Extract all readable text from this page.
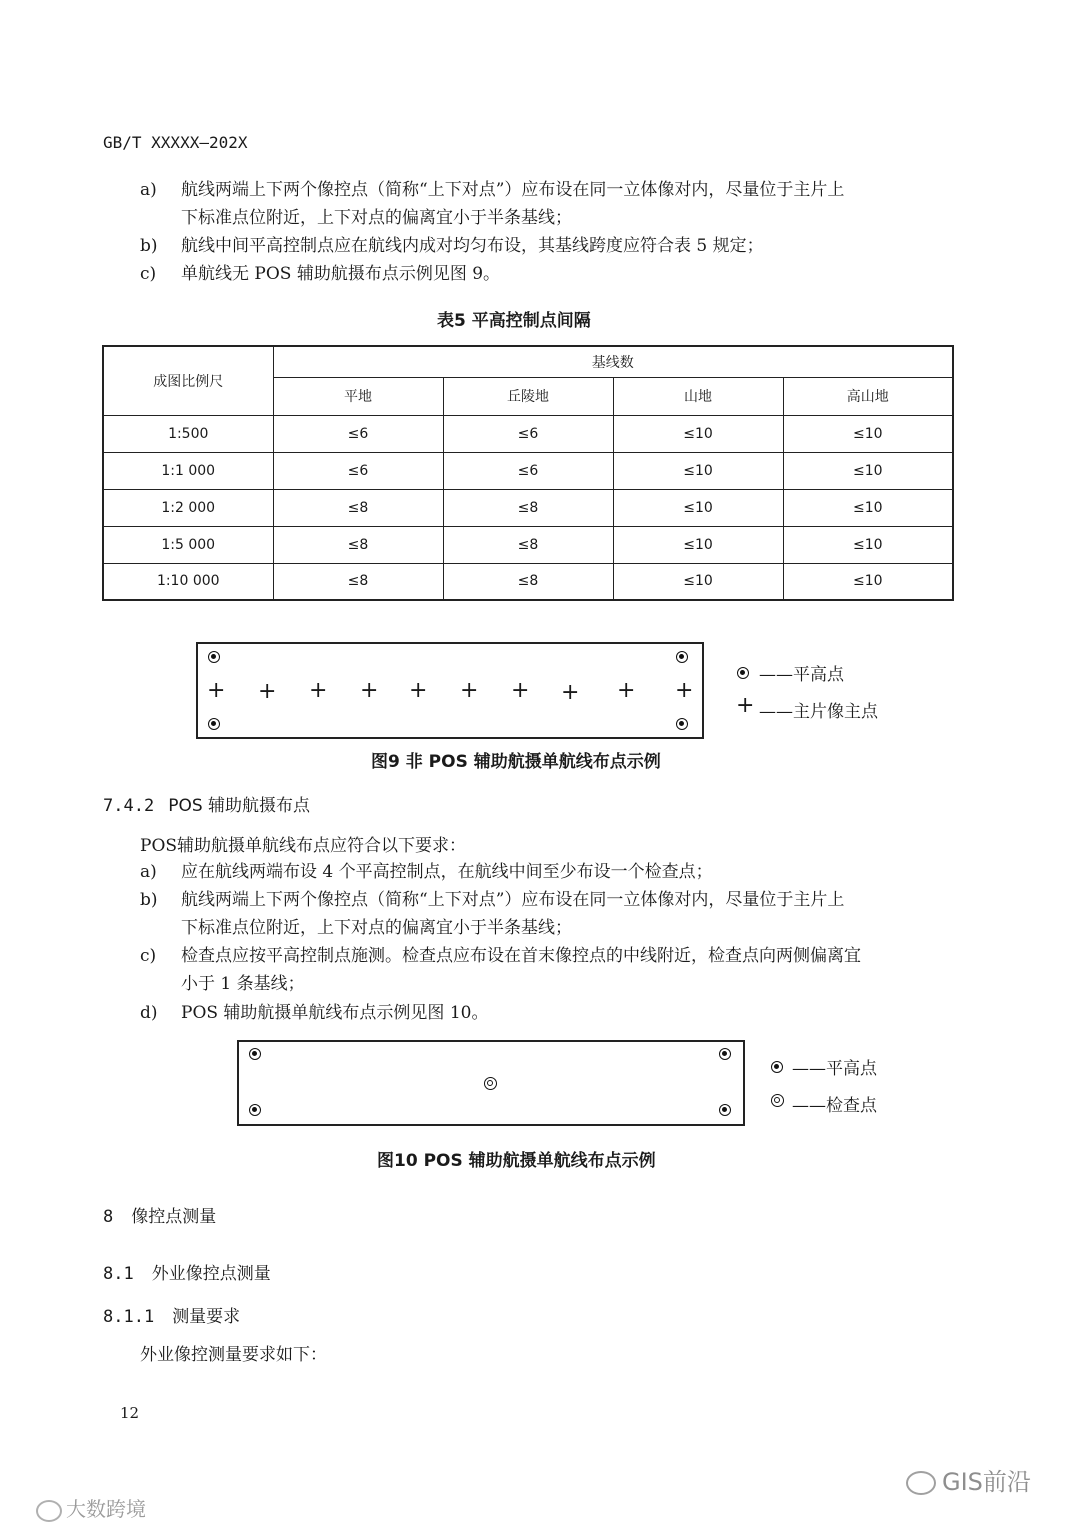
GB/T XXXXX—202X
a) 航线两端上下两个像控点（简称“上下对点”）应布设在同一立体像对内，尽量位于主片上
下标准点位附近，上下对点的偏离宜小于半条基线；
b) 航线中间平高控制点应在航线内成对均匀布设，其基线跨度应符合表 5 规定；
c) 单航线无 POS 辅助航摄布点示例见图 9。
表5 平高控制点间隔
成图比例尺	基线数			
	平地	丘陵地	山地	高山地
1:500	≤6	≤6	≤10	≤10
1:1 000	≤6	≤6	≤10	≤10
1:2 000	≤8	≤8	≤10	≤10
1:5 000	≤8	≤8	≤10	≤10
1:10 000	≤8	≤8	≤10	≤10
+ + + + + + + + + +
——平高点
+ ——主片像主点
图9 非 POS 辅助航摄单航线布点示例
7.4.2 POS 辅助航摄布点
POS辅助航摄单航线布点应符合以下要求：
a) 应在航线两端布设 4 个平高控制点，在航线中间至少布设一个检查点；
b) 航线两端上下两个像控点（简称“上下对点”）应布设在同一立体像对内，尽量位于主片上
下标准点位附近，上下对点的偏离宜小于半条基线；
c) 检查点应按平高控制点施测。检查点应布设在首末像控点的中线附近，检查点向两侧偏离宜
小于 1 条基线；
d) POS 辅助航摄单航线布点示例见图 10。
——平高点
——检查点
图10 POS 辅助航摄单航线布点示例
8 像控点测量
8.1 外业像控点测量
8.1.1 测量要求
外业像控测量要求如下：
12
大数跨境
GIS前沿
